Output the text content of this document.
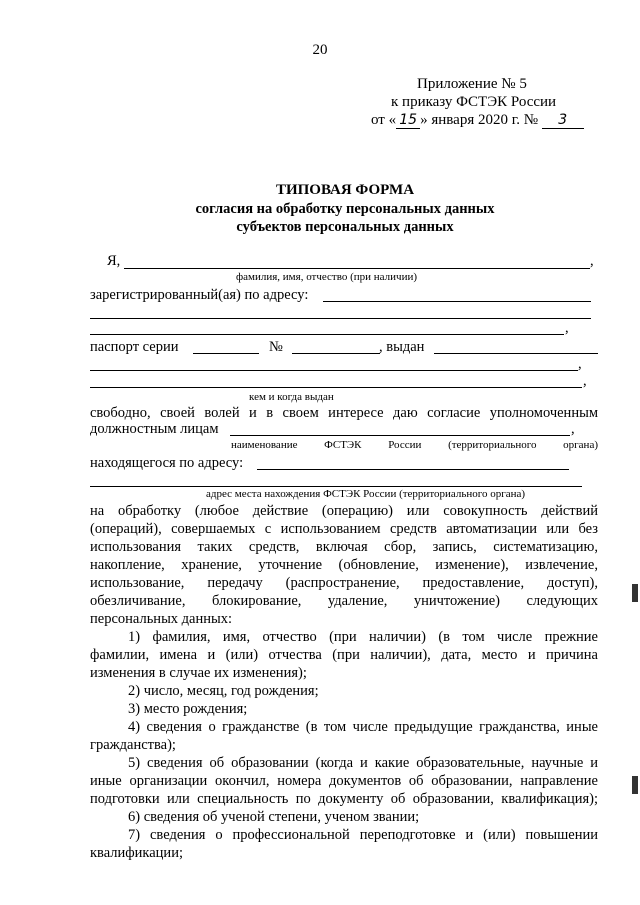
20
Приложение № 5
к приказу ФСТЭК России
от « 15 » января 2020 г. № 3
ТИПОВАЯ ФОРМА
согласия на обработку персональных данных
субъектов персональных данных
Я,	,
фамилия, имя, отчество (при наличии)
зарегистрированный(ая) по адресу:
,
паспорт серии	№	, выдан
,
,
кем и когда выдан
свободно, своей волей и в своем интересе даю согласие уполномоченным
должностным лицам	,
наименование ФСТЭК России (территориального органа)
находящегося по адресу:
адрес места нахождения ФСТЭК России (территориального органа)
на обработку (любое действие (операцию) или совокупность действий
(операций), совершаемых с использованием средств автоматизации или без
использования таких средств, включая сбор, запись, систематизацию,
накопление, хранение, уточнение (обновление, изменение), извлечение,
использование, передачу (распространение, предоставление, доступ),
обезличивание, блокирование, удаление, уничтожение) следующих
персональных данных:
1) фамилия, имя, отчество (при наличии) (в том числе прежние
фамилии, имена и (или) отчества (при наличии), дата, место и причина
изменения в случае их изменения);
2) число, месяц, год рождения;
3) место рождения;
4) сведения о гражданстве (в том числе предыдущие гражданства, иные
гражданства);
5) сведения об образовании (когда и какие образовательные, научные и
иные организации окончил, номера документов об образовании, направление
подготовки или специальность по документу об образовании, квалификация);
6) сведения об ученой степени, ученом звании;
7) сведения о профессиональной переподготовке и (или) повышении
квалификации;
